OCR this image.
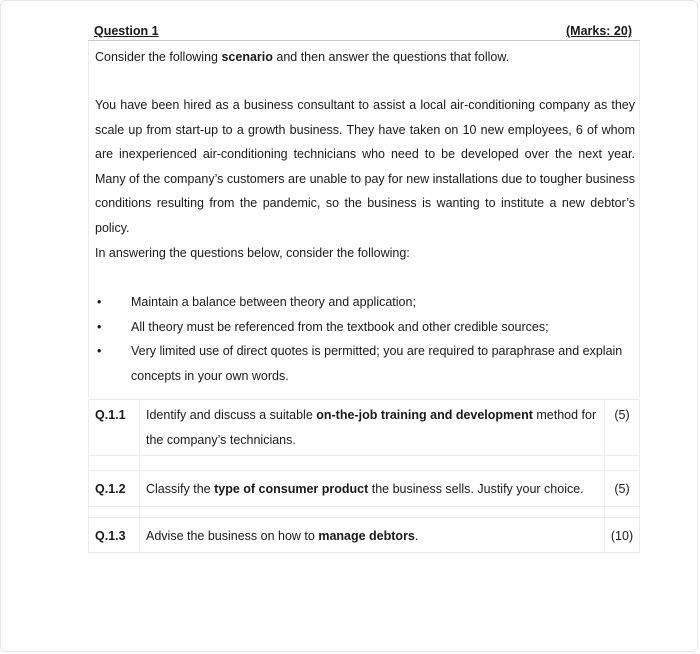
Question 1	(Marks: 20)

Consider the following scenario and then answer the questions that follow.

You have been hired as a business consultant to assist a local air-conditioning company as they scale up from start-up to a growth business. They have taken on 10 new employees, 6 of whom are inexperienced air-conditioning technicians who need to be developed over the next year. Many of the company’s customers are unable to pay for new installations due to tougher business conditions resulting from the pandemic, so the business is wanting to institute a new debtor’s policy.

In answering the questions below, consider the following:

• Maintain a balance between theory and application;
• All theory must be referenced from the textbook and other credible sources;
• Very limited use of direct quotes is permitted; you are required to paraphrase and explain concepts in your own words.
Q.1.1	Identify and discuss a suitable on-the-job training and development method for the company’s technicians.	(5)

Q.1.2	Classify the type of consumer product the business sells. Justify your choice.	(5)

Q.1.3	Advise the business on how to manage debtors.	(10)
